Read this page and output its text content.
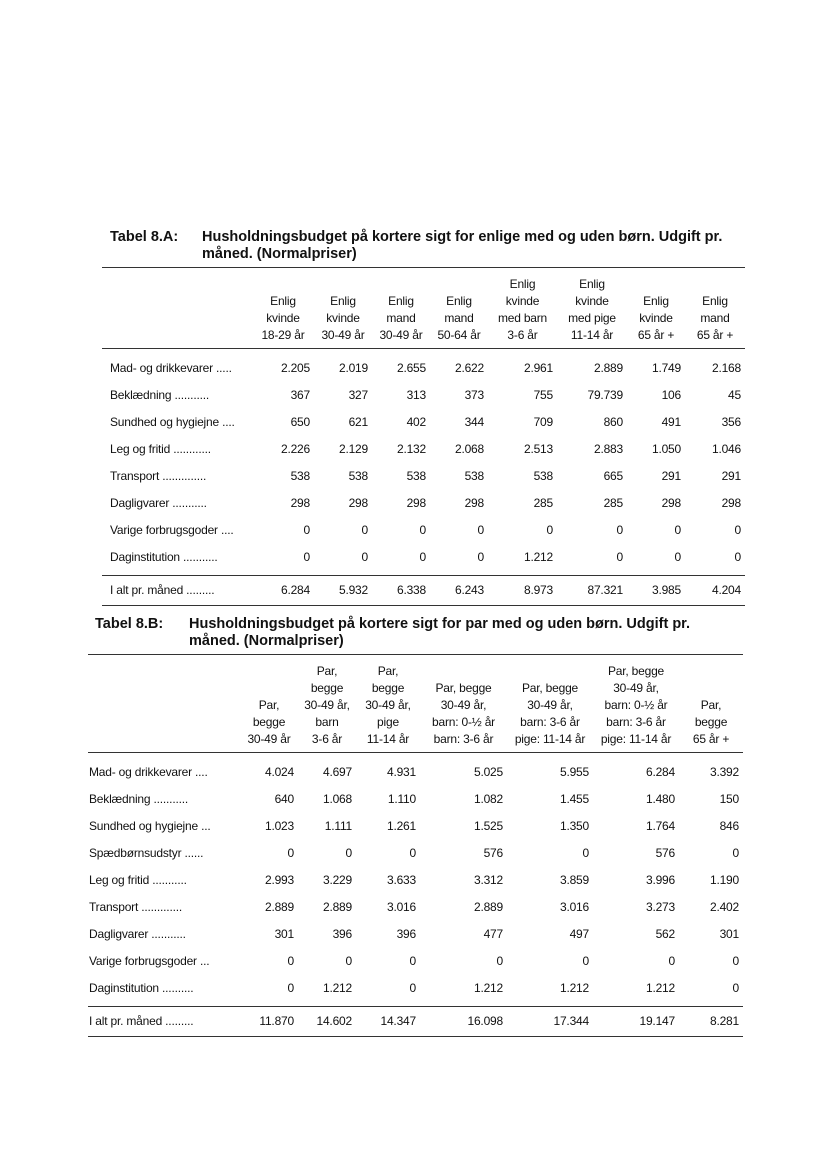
Tabel 8.A: Husholdningsbudget på kortere sigt for enlige med og uden børn. Udgift pr. måned. (Normalpriser)
	Enlig
kvinde
18-29 år	Enlig
kvinde
30-49 år	Enlig
mand
30-49 år	Enlig
mand
50-64 år	Enlig
kvinde
med barn
3-6 år	Enlig
kvinde
med pige
11-14 år	Enlig
kvinde
65 år +	Enlig
mand
65 år +
Mad- og drikkevarer .....	2.205	2.019	2.655	2.622	2.961	2.889	1.749	2.168
Beklædning ...........	367	327	313	373	755	79.739	106	45
Sundhed og hygiejne ....	650	621	402	344	709	860	491	356
Leg og fritid ............	2.226	2.129	2.132	2.068	2.513	2.883	1.050	1.046
Transport ..............	538	538	538	538	538	665	291	291
Dagligvarer ...........	298	298	298	298	285	285	298	298
Varige forbrugsgoder ....	0	0	0	0	0	0	0	0
Daginstitution ...........	0	0	0	0	1.212	0	0	0

I alt pr. måned .........	6.284	5.932	6.338	6.243	8.973	87.321	3.985	4.204
Tabel 8.B: Husholdningsbudget på kortere sigt for par med og uden børn. Udgift pr. måned. (Normalpriser)
	Par,
begge
30-49 år	Par,
begge
30-49 år,
barn
3-6 år	Par,
begge
30-49 år,
pige
11-14 år	Par, begge
30-49 år,
barn: 0-½ år
barn: 3-6 år	Par, begge
30-49 år,
barn: 3-6 år
pige: 11-14 år	Par, begge
30-49 år,
barn: 0-½ år
barn: 3-6 år
pige: 11-14 år	Par,
begge
65 år +
Mad- og drikkevarer ....	4.024	4.697	4.931	5.025	5.955	6.284	3.392
Beklædning ...........	640	1.068	1.110	1.082	1.455	1.480	150
Sundhed og hygiejne ...	1.023	1.111	1.261	1.525	1.350	1.764	846
Spædbørnsudstyr ......	0	0	0	576	0	576	0
Leg og fritid ...........	2.993	3.229	3.633	3.312	3.859	3.996	1.190
Transport .............	2.889	2.889	3.016	2.889	3.016	3.273	2.402
Dagligvarer ...........	301	396	396	477	497	562	301
Varige forbrugsgoder ...	0	0	0	0	0	0	0
Daginstitution ..........	0	1.212	0	1.212	1.212	1.212	0

I alt pr. måned .........	11.870	14.602	14.347	16.098	17.344	19.147	8.281
